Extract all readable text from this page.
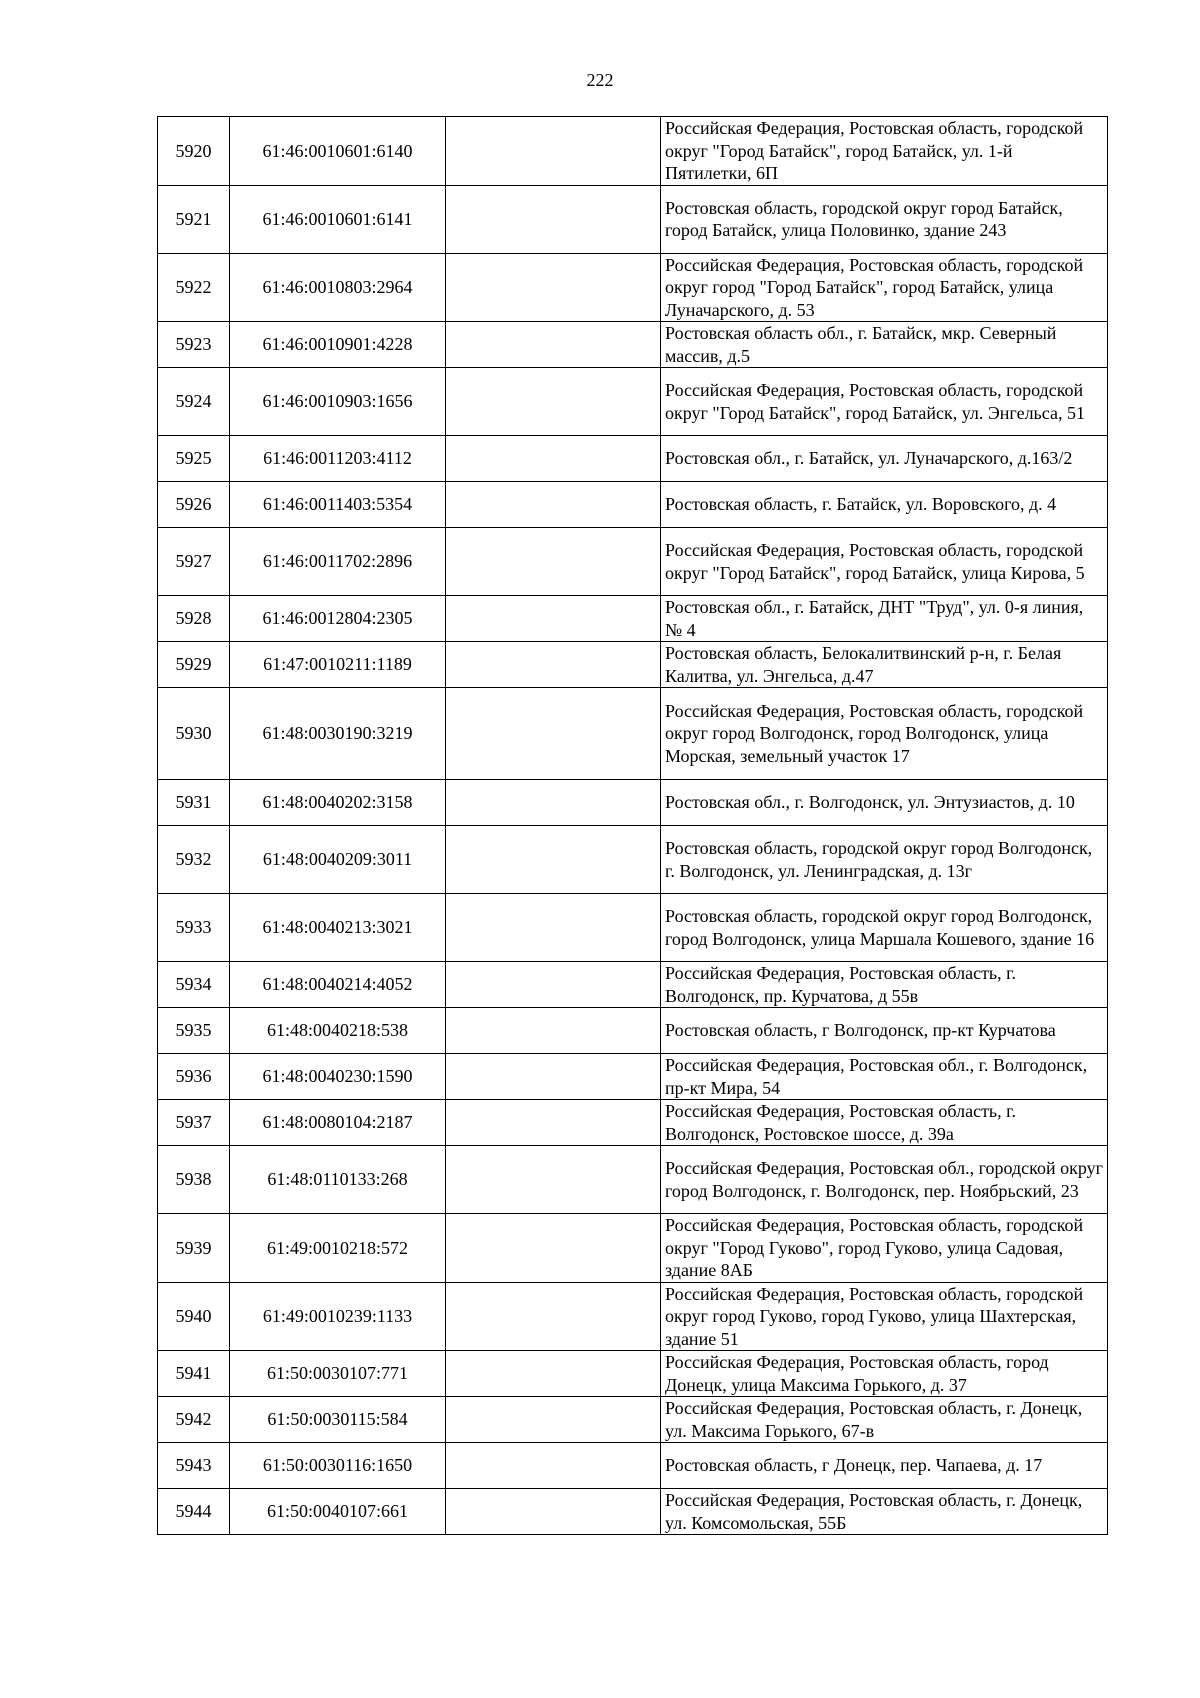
222
5920	61:46:0010601:6140		Российская Федерация, Ростовская область, городской округ "Город Батайск", город Батайск, ул. 1-й Пятилетки, 6П
5921	61:46:0010601:6141		Ростовская область, городской округ город Батайск, город Батайск, улица Половинко, здание 243
5922	61:46:0010803:2964		Российская Федерация, Ростовская область, городской округ город "Город Батайск", город Батайск, улица Луначарского, д. 53
5923	61:46:0010901:4228		Ростовская область обл., г. Батайск, мкр. Северный массив, д.5
5924	61:46:0010903:1656		Российская Федерация, Ростовская область, городской округ "Город Батайск", город Батайск, ул. Энгельса, 51
5925	61:46:0011203:4112		Ростовская обл., г. Батайск, ул. Луначарского, д.163/2
5926	61:46:0011403:5354		Ростовская область, г. Батайск, ул. Воровского, д. 4
5927	61:46:0011702:2896		Российская Федерация, Ростовская область, городской округ "Город Батайск", город Батайск, улица Кирова, 5
5928	61:46:0012804:2305		Ростовская обл., г. Батайск, ДНТ "Труд", ул. 0-я линия, № 4
5929	61:47:0010211:1189		Ростовская область, Белокалитвинский р-н, г. Белая Калитва, ул. Энгельса, д.47
5930	61:48:0030190:3219		Российская Федерация, Ростовская область, городской округ город Волгодонск, город Волгодонск, улица Морская, земельный участок 17
5931	61:48:0040202:3158		Ростовская обл., г. Волгодонск, ул. Энтузиастов, д. 10
5932	61:48:0040209:3011		Ростовская область, городской округ город Волгодонск, г. Волгодонск, ул. Ленинградская, д. 13г
5933	61:48:0040213:3021		Ростовская область, городской округ город Волгодонск, город Волгодонск, улица Маршала Кошевого, здание 16
5934	61:48:0040214:4052		Российская Федерация, Ростовская область, г. Волгодонск, пр. Курчатова, д 55в
5935	61:48:0040218:538		Ростовская область, г Волгодонск, пр-кт Курчатова
5936	61:48:0040230:1590		Российская Федерация, Ростовская обл., г. Волгодонск, пр-кт Мира, 54
5937	61:48:0080104:2187		Российская Федерация, Ростовская область, г. Волгодонск, Ростовское шоссе, д. 39а
5938	61:48:0110133:268		Российская Федерация, Ростовская обл., городской округ город Волгодонск, г. Волгодонск, пер. Ноябрьский, 23
5939	61:49:0010218:572		Российская Федерация, Ростовская область, городской округ "Город Гуково", город Гуково, улица Садовая, здание 8АБ
5940	61:49:0010239:1133		Российская Федерация, Ростовская область, городской округ город Гуково, город Гуково, улица Шахтерская, здание 51
5941	61:50:0030107:771		Российская Федерация, Ростовская область, город Донецк, улица Максима Горького, д. 37
5942	61:50:0030115:584		Российская Федерация, Ростовская область, г. Донецк, ул. Максима Горького, 67-в
5943	61:50:0030116:1650		Ростовская область, г Донецк, пер. Чапаева, д. 17
5944	61:50:0040107:661		Российская Федерация, Ростовская область, г. Донецк, ул. Комсомольская, 55Б
